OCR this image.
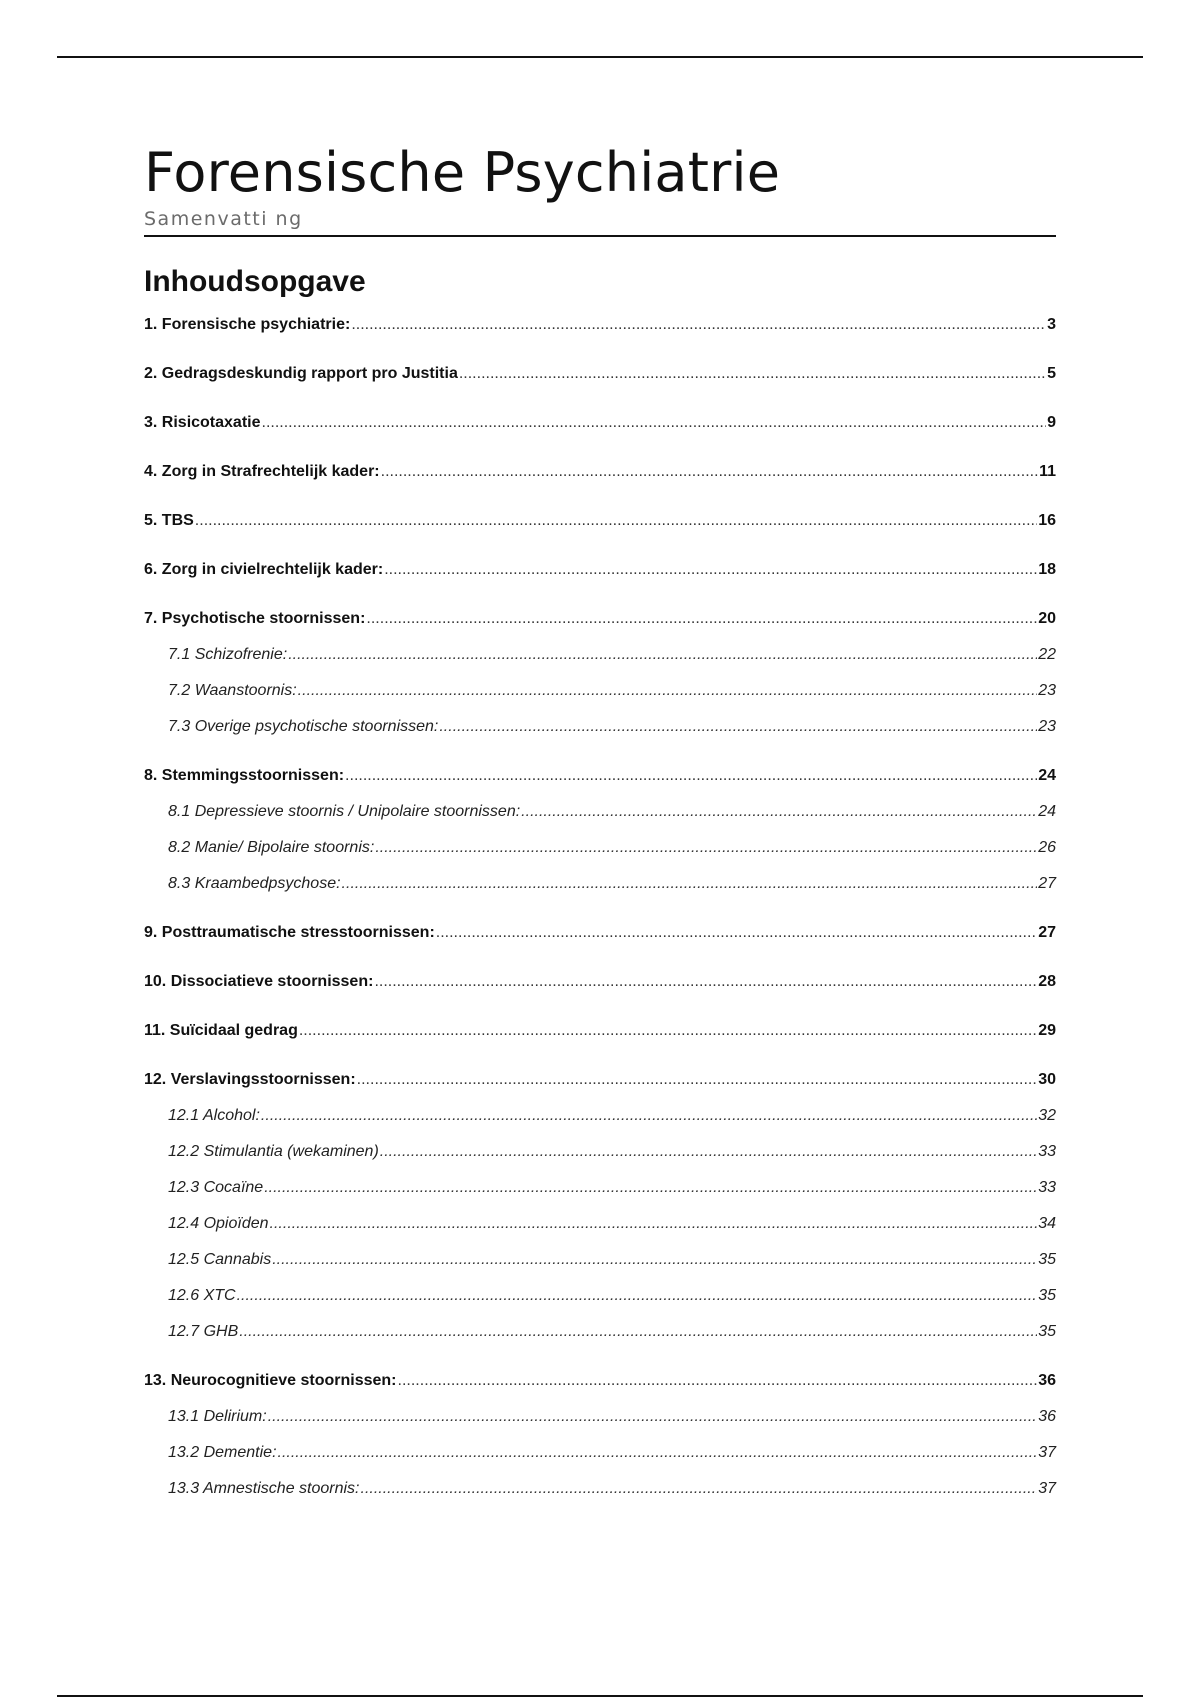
Forensische Psychiatrie
Samenvatti ng
Inhoudsopgave
1. Forensische psychiatrie: .....	3
2. Gedragsdeskundig rapport pro Justitia .....	5
3. Risicotaxatie .....	9
4. Zorg in Strafrechtelijk kader: .....	11
5. TBS .....	16
6. Zorg in civielrechtelijk kader: .....	18
7. Psychotische stoornissen: .....	20
7.1 Schizofrenie: .....	22
7.2 Waanstoornis: .....	23
7.3 Overige psychotische stoornissen: .....	23
8. Stemmingsstoornissen: .....	24
8.1 Depressieve stoornis / Unipolaire stoornissen: .....	24
8.2 Manie/ Bipolaire stoornis: .....	26
8.3 Kraambedpsychose: .....	27
9. Posttraumatische stresstoornissen: .....	27
10. Dissociatieve stoornissen: .....	28
11. Suïcidaal gedrag .....	29
12. Verslavingsstoornissen: .....	30
12.1 Alcohol: .....	32
12.2 Stimulantia (wekaminen) .....	33
12.3 Cocaïne .....	33
12.4 Opioïden .....	34
12.5 Cannabis .....	35
12.6 XTC .....	35
12.7 GHB .....	35
13. Neurocognitieve stoornissen: .....	36
13.1 Delirium: .....	36
13.2 Dementie: .....	37
13.3 Amnestische stoornis: .....	37
